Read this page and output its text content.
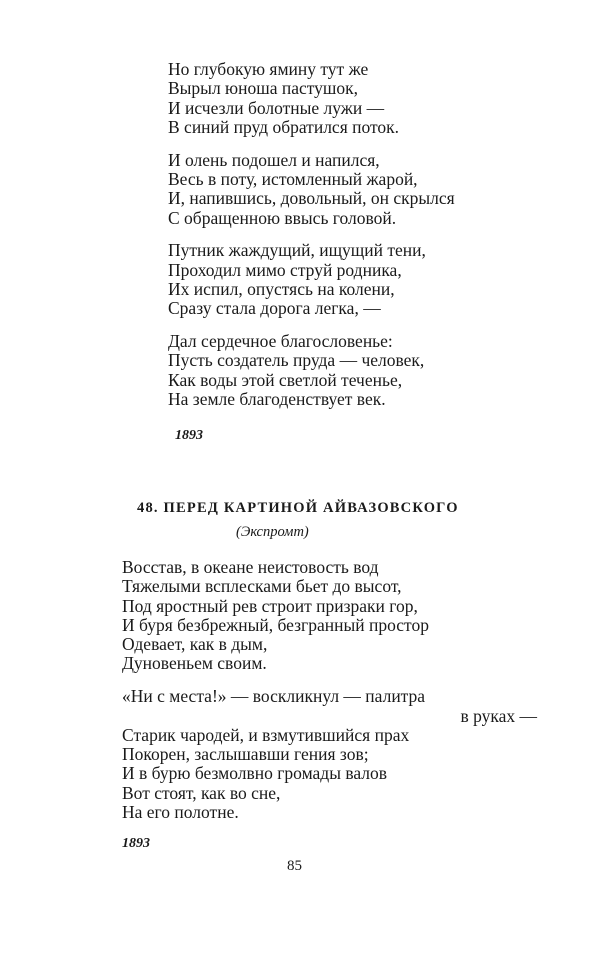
Но глубокую ямину тут же
Вырыл юноша пастушок,
И исчезли болотные лужи —
В синий пруд обратился поток.
И олень подошел и напился,
Весь в поту, истомленный жарой,
И, напившись, довольный, он скрылся
С обращенною ввысь головой.
Путник жаждущий, ищущий тени,
Проходил мимо струй родника,
Их испил, опустясь на колени,
Сразу стала дорога легка, —
Дал сердечное благословенье:
Пусть создатель пруда — человек,
Как воды этой светлой теченье,
На земле благоденствует век.
1893
48. ПЕРЕД КАРТИНОЙ АЙВАЗОВСКОГО
(Экспромт)
Восстав, в океане неистовость вод
Тяжелыми всплесками бьет до высот,
Под яростный рев строит призраки гор,
И буря безбрежный, безгранный простор
Одевает, как в дым,
Дуновеньем своим.
«Ни с места!» — воскликнул — палитра
в руках —
Старик чародей, и взмутившийся прах
Покорен, заслышавши гения зов;
И в бурю безмолвно громады валов
Вот стоят, как во сне,
На его полотне.
1893
85
